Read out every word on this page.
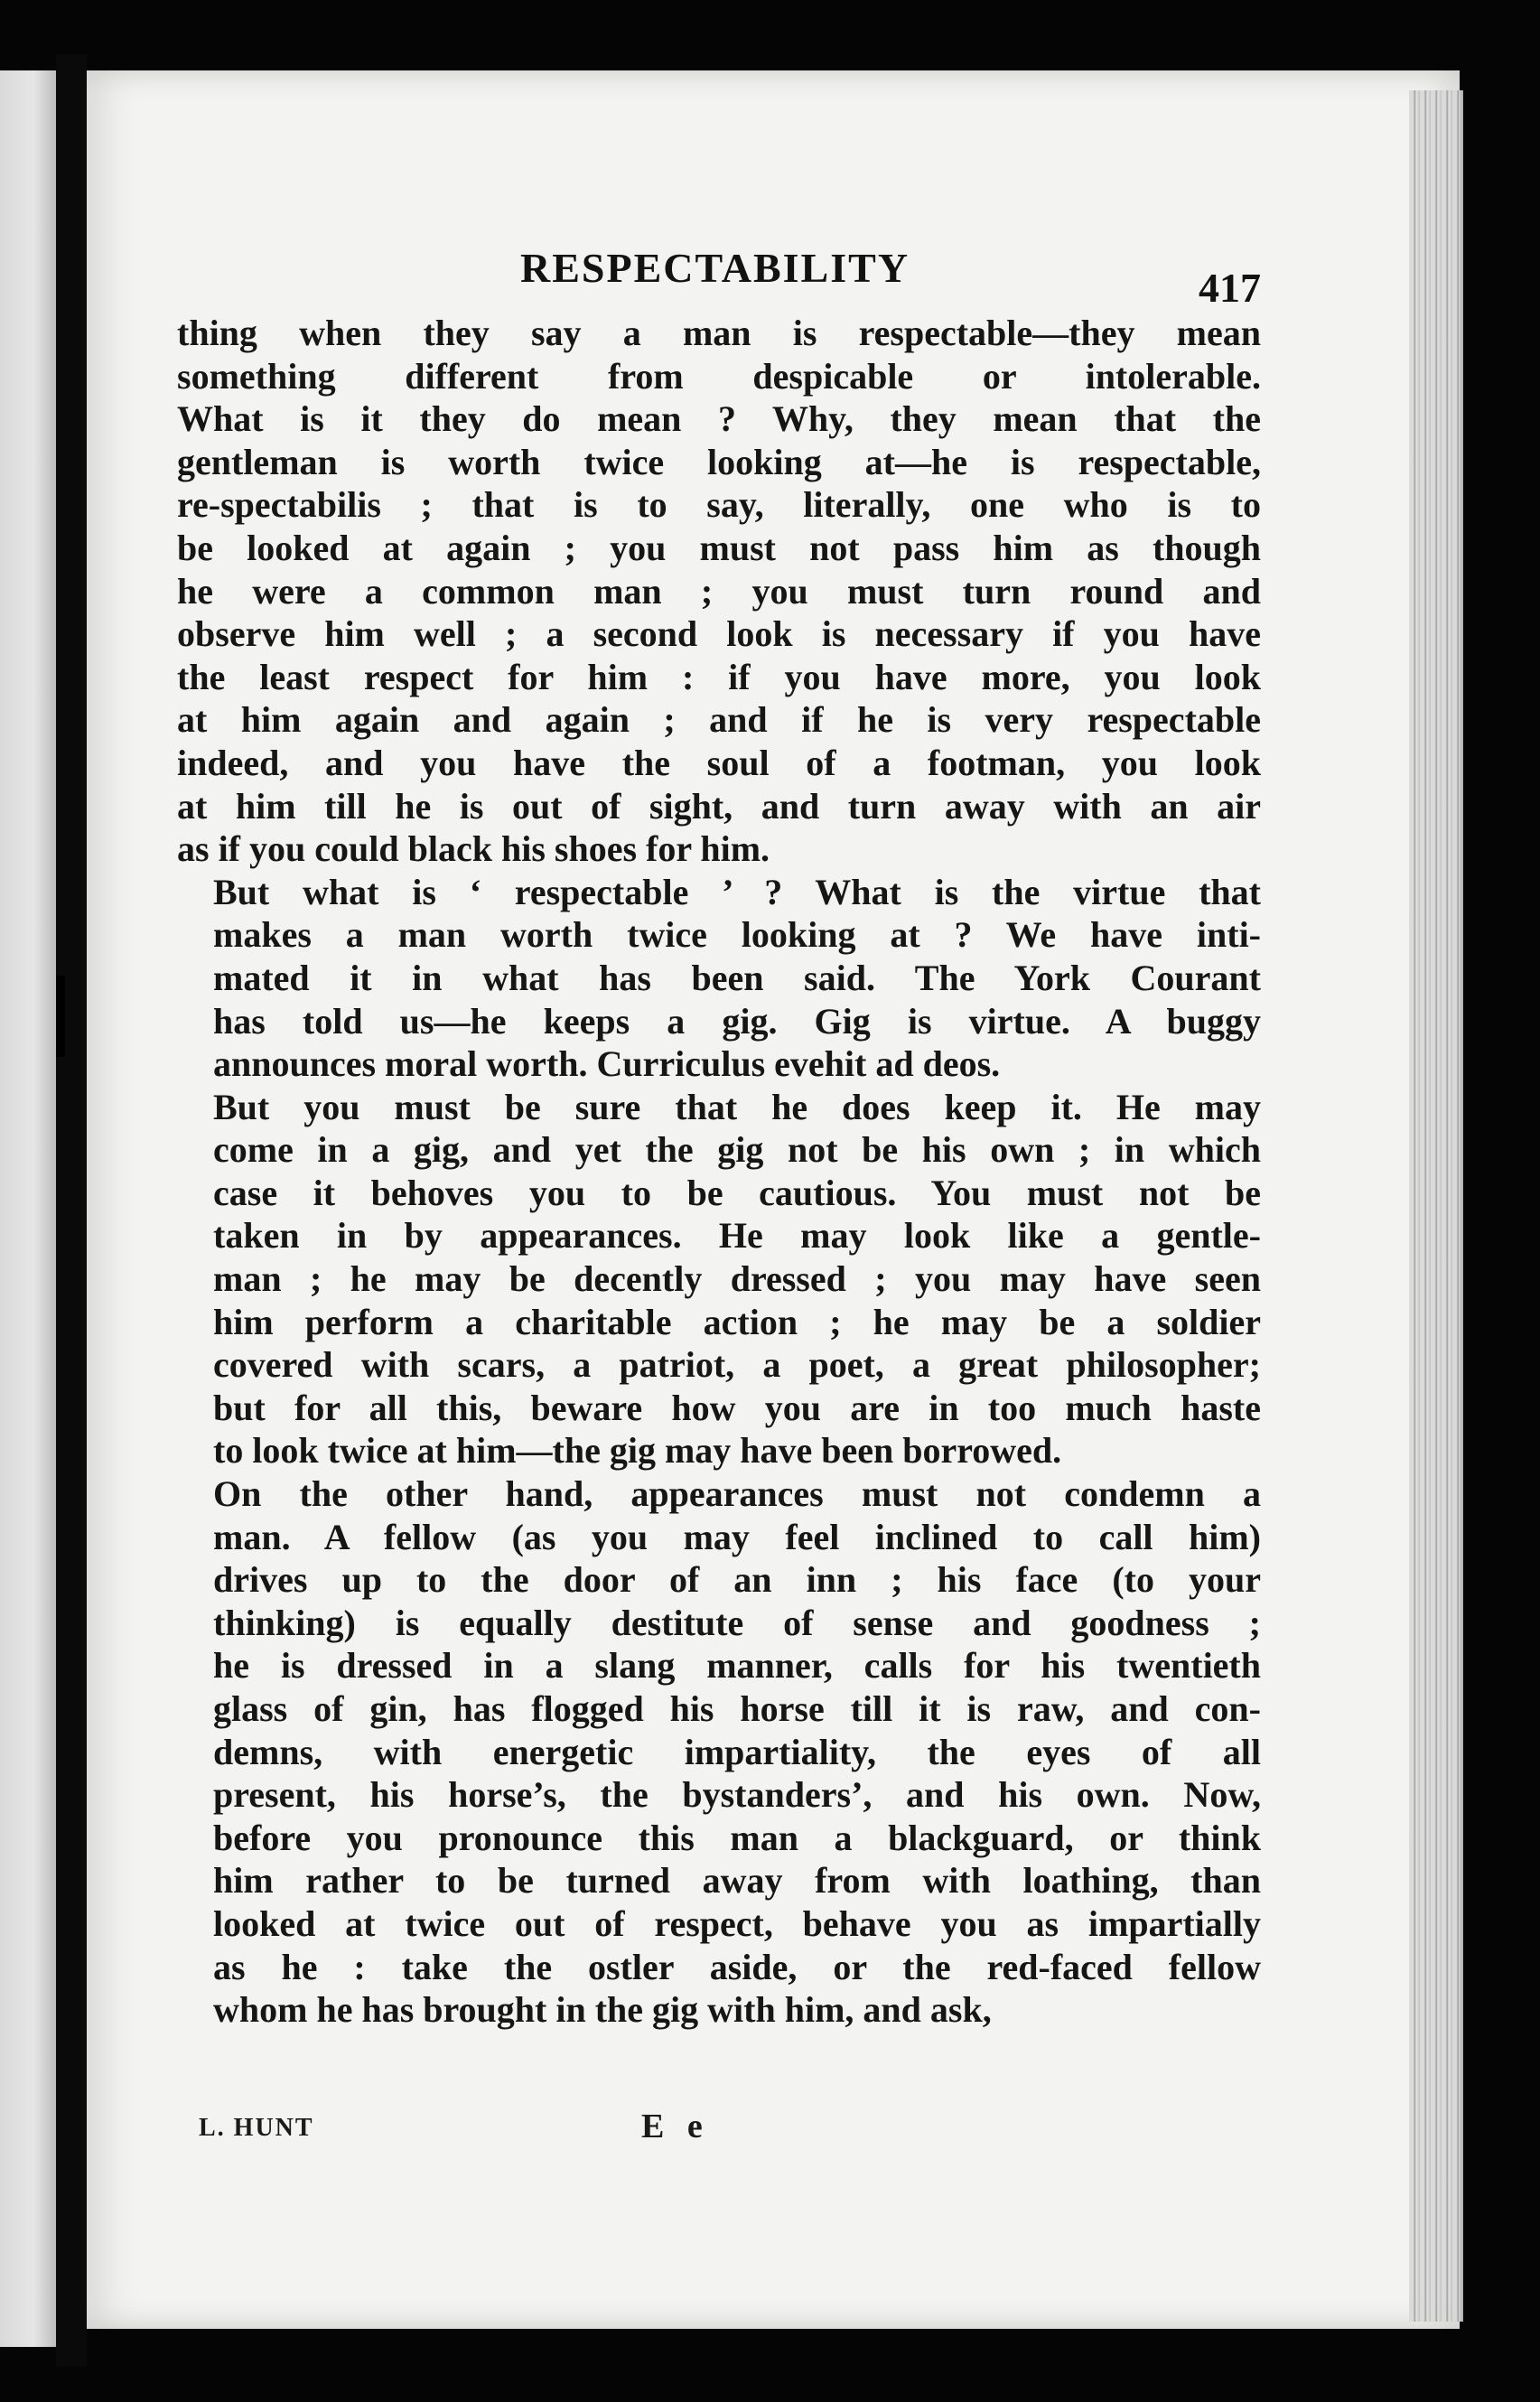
RESPECTABILITY	417
thing when they say a man is respectable—they mean
something different from despicable or intolerable.
What is it they do mean ? Why, they mean that the
gentleman is worth twice looking at—he is respectable,
re-spectabilis ; that is to say, literally, one who is to
be looked at again ; you must not pass him as though
he were a common man ; you must turn round and
observe him well ; a second look is necessary if you have
the least respect for him : if you have more, you look
at him again and again ; and if he is very respectable
indeed, and you have the soul of a footman, you look
at him till he is out of sight, and turn away with an air
as if you could black his shoes for him.
But what is ‘ respectable ’ ? What is the virtue that
makes a man worth twice looking at ? We have inti-
mated it in what has been said. The York Courant
has told us—he keeps a gig. Gig is virtue. A buggy
announces moral worth. Curriculus evehit ad deos.
But you must be sure that he does keep it. He may
come in a gig, and yet the gig not be his own ; in which
case it behoves you to be cautious. You must not be
taken in by appearances. He may look like a gentle-
man ; he may be decently dressed ; you may have seen
him perform a charitable action ; he may be a soldier
covered with scars, a patriot, a poet, a great philosopher;
but for all this, beware how you are in too much haste
to look twice at him—the gig may have been borrowed.
On the other hand, appearances must not condemn a
man. A fellow (as you may feel inclined to call him)
drives up to the door of an inn ; his face (to your
thinking) is equally destitute of sense and goodness ;
he is dressed in a slang manner, calls for his twentieth
glass of gin, has flogged his horse till it is raw, and con-
demns, with energetic impartiality, the eyes of all
present, his horse’s, the bystanders’, and his own. Now,
before you pronounce this man a blackguard, or think
him rather to be turned away from with loathing, than
looked at twice out of respect, behave you as impartially
as he : take the ostler aside, or the red-faced fellow
whom he has brought in the gig with him, and ask,
L. HUNT	E e
